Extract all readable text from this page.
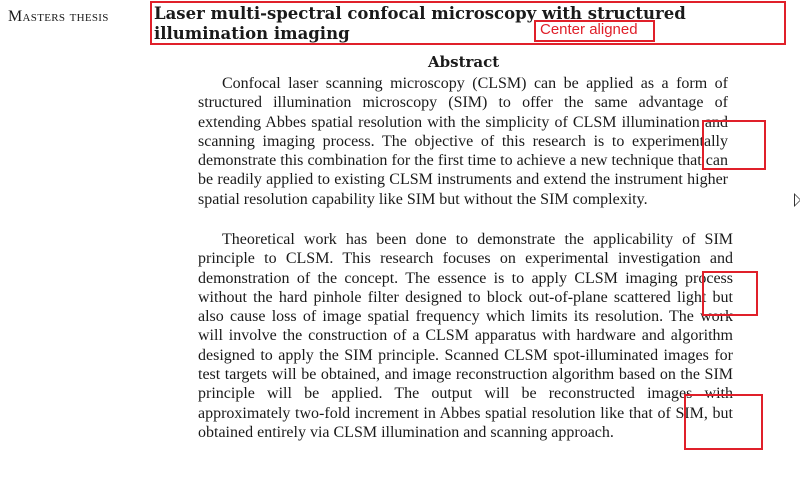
Masters thesis	Laser multi-spectral confocal microscopy with structured illumination imaging	Center aligned
Abstract

Confocal laser scanning microscopy (CLSM) can be applied as a form of structured illumination microscopy (SIM) to offer the same advantage of extending Abbes spatial resolution with the simplicity of CLSM illumination and scanning imaging process. The objective of this research is to experimentally demonstrate this combination for the first time to achieve a new technique that can be readily applied to existing CLSM instruments and extend the instrument higher spatial resolution capability like SIM but without the SIM complexity.

Theoretical work has been done to demonstrate the applicability of SIM principle to CLSM. This research focuses on experimental investigation and demonstration of the concept. The essence is to apply CLSM imaging process without the hard pinhole filter designed to block out-of-plane scattered light but also cause loss of image spatial frequency which limits its resolution. The work will involve the construction of a CLSM apparatus with hardware and algorithm designed to apply the SIM principle. Scanned CLSM spot-illuminated images for test targets will be obtained, and image reconstruction algorithm based on the SIM principle will be applied. The output will be reconstructed images with approximately two-fold increment in Abbes spatial resolution like that of SIM, but obtained entirely via CLSM illumination and scanning approach.
